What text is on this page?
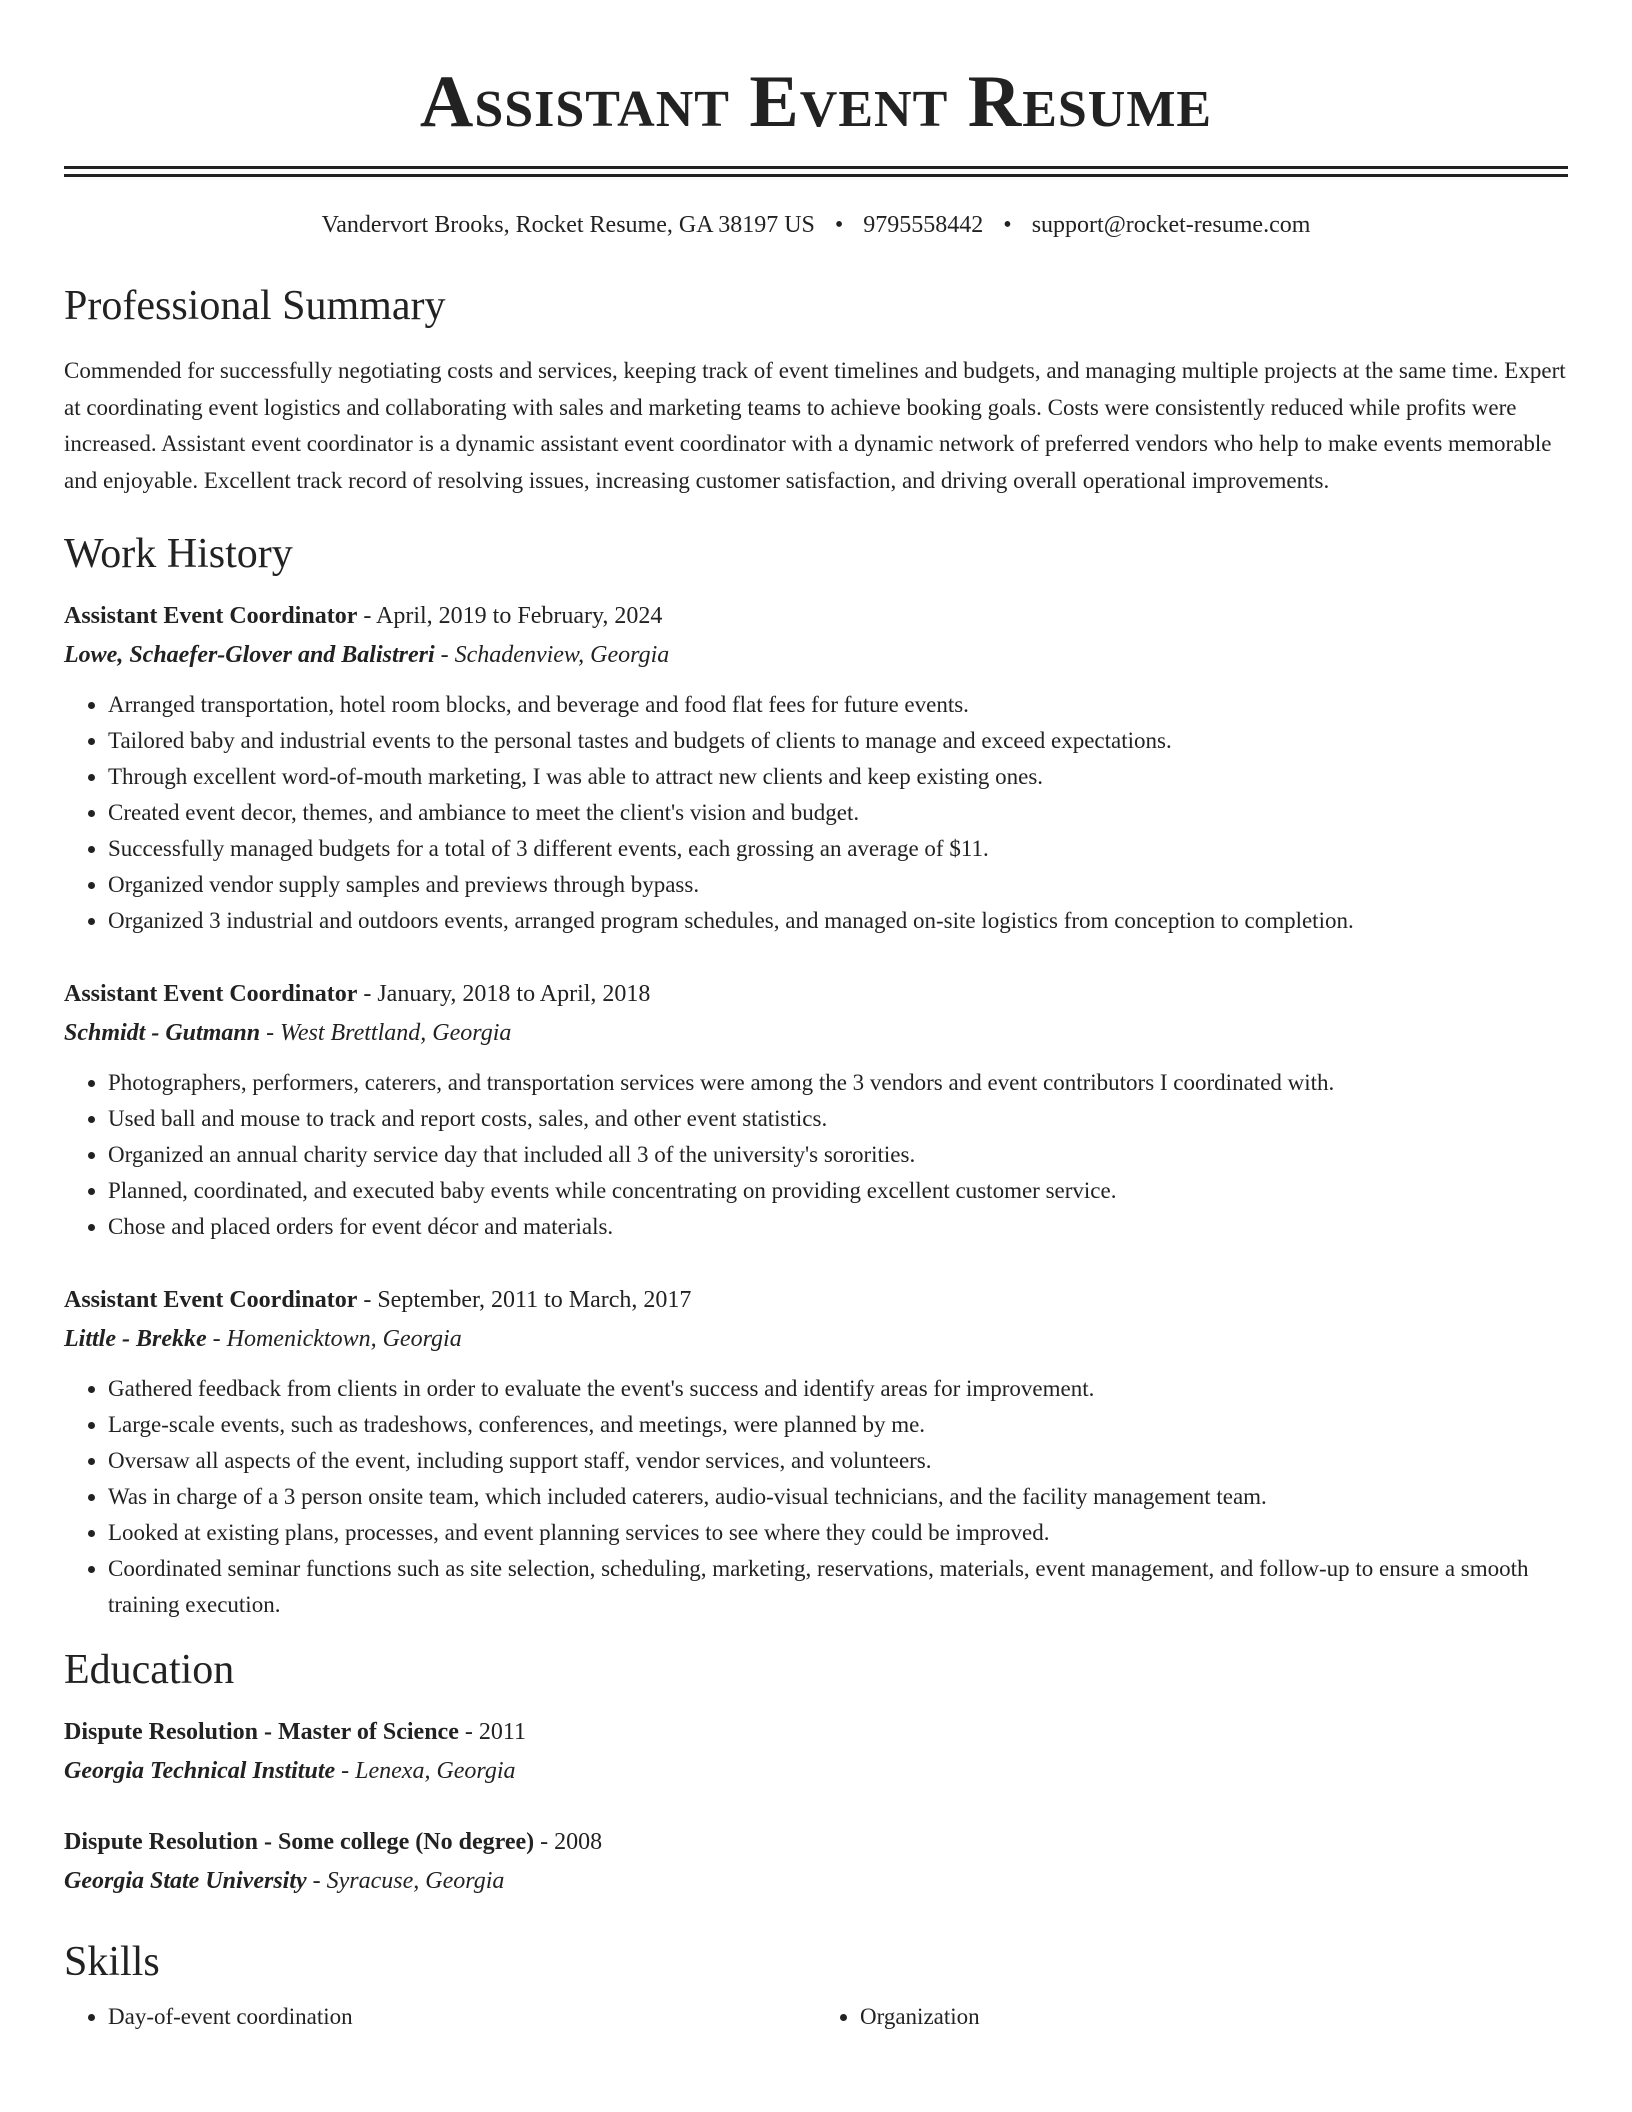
Assistant Event Resume
Vandervort Brooks, Rocket Resume, GA 38197 US • 9795558442 • support@rocket-resume.com
Professional Summary
Commended for successfully negotiating costs and services, keeping track of event timelines and budgets, and managing multiple projects at the same time. Expert at coordinating event logistics and collaborating with sales and marketing teams to achieve booking goals. Costs were consistently reduced while profits were increased. Assistant event coordinator is a dynamic assistant event coordinator with a dynamic network of preferred vendors who help to make events memorable and enjoyable. Excellent track record of resolving issues, increasing customer satisfaction, and driving overall operational improvements.
Work History
Assistant Event Coordinator - April, 2019 to February, 2024
Lowe, Schaefer-Glover and Balistreri - Schadenview, Georgia
• Arranged transportation, hotel room blocks, and beverage and food flat fees for future events.
• Tailored baby and industrial events to the personal tastes and budgets of clients to manage and exceed expectations.
• Through excellent word-of-mouth marketing, I was able to attract new clients and keep existing ones.
• Created event decor, themes, and ambiance to meet the client's vision and budget.
• Successfully managed budgets for a total of 3 different events, each grossing an average of $11.
• Organized vendor supply samples and previews through bypass.
• Organized 3 industrial and outdoors events, arranged program schedules, and managed on-site logistics from conception to completion.
Assistant Event Coordinator - January, 2018 to April, 2018
Schmidt - Gutmann - West Brettland, Georgia
• Photographers, performers, caterers, and transportation services were among the 3 vendors and event contributors I coordinated with.
• Used ball and mouse to track and report costs, sales, and other event statistics.
• Organized an annual charity service day that included all 3 of the university's sororities.
• Planned, coordinated, and executed baby events while concentrating on providing excellent customer service.
• Chose and placed orders for event décor and materials.
Assistant Event Coordinator - September, 2011 to March, 2017
Little - Brekke - Homenicktown, Georgia
• Gathered feedback from clients in order to evaluate the event's success and identify areas for improvement.
• Large-scale events, such as tradeshows, conferences, and meetings, were planned by me.
• Oversaw all aspects of the event, including support staff, vendor services, and volunteers.
• Was in charge of a 3 person onsite team, which included caterers, audio-visual technicians, and the facility management team.
• Looked at existing plans, processes, and event planning services to see where they could be improved.
• Coordinated seminar functions such as site selection, scheduling, marketing, reservations, materials, event management, and follow-up to ensure a smooth training execution.
Education
Dispute Resolution - Master of Science - 2011
Georgia Technical Institute - Lenexa, Georgia
Dispute Resolution - Some college (No degree) - 2008
Georgia State University - Syracuse, Georgia
Skills
• Day-of-event coordination
•	Organization
